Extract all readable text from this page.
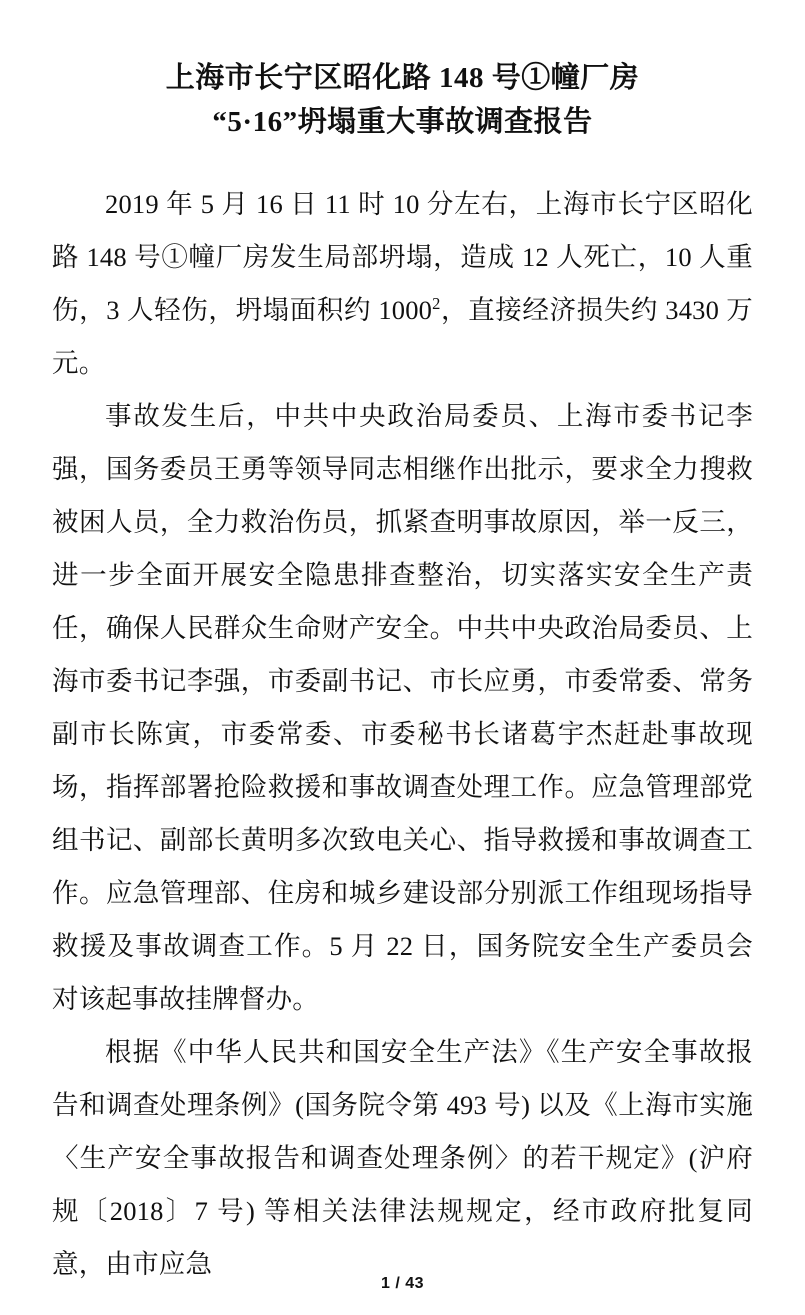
上海市长宁区昭化路 148 号①幢厂房
“5·16”坍塌重大事故调查报告

2019 年 5 月 16 日 11 时 10 分左右，上海市长宁区昭化路 148 号①幢厂房发生局部坍塌，造成 12 人死亡，10 人重伤，3 人轻伤，坍塌面积约 1000$^2$，直接经济损失约 3430 万元。

事故发生后，中共中央政治局委员、上海市委书记李强，国务委员王勇等领导同志相继作出批示，要求全力搜救被困人员，全力救治伤员，抓紧查明事故原因，举一反三，进一步全面开展安全隐患排查整治，切实落实安全生产责任，确保人民群众生命财产安全。中共中央政治局委员、上海市委书记李强，市委副书记、市长应勇，市委常委、常务副市长陈寅，市委常委、市委秘书长诸葛宇杰赶赴事故现场，指挥部署抢险救援和事故调查处理工作。应急管理部党组书记、副部长黄明多次致电关心、指导救援和事故调查工作。应急管理部、住房和城乡建设部分别派工作组现场指导救援及事故调查工作。5 月 22 日，国务院安全生产委员会对该起事故挂牌督办。

根据《中华人民共和国安全生产法》《生产安全事故报告和调查处理条例》(国务院令第 493 号) 以及《上海市实施〈生产安全事故报告和调查处理条例〉的若干规定》(沪府规〔2018〕7 号) 等相关法律法规规定，经市政府批复同意，由市应急

1 / 43
